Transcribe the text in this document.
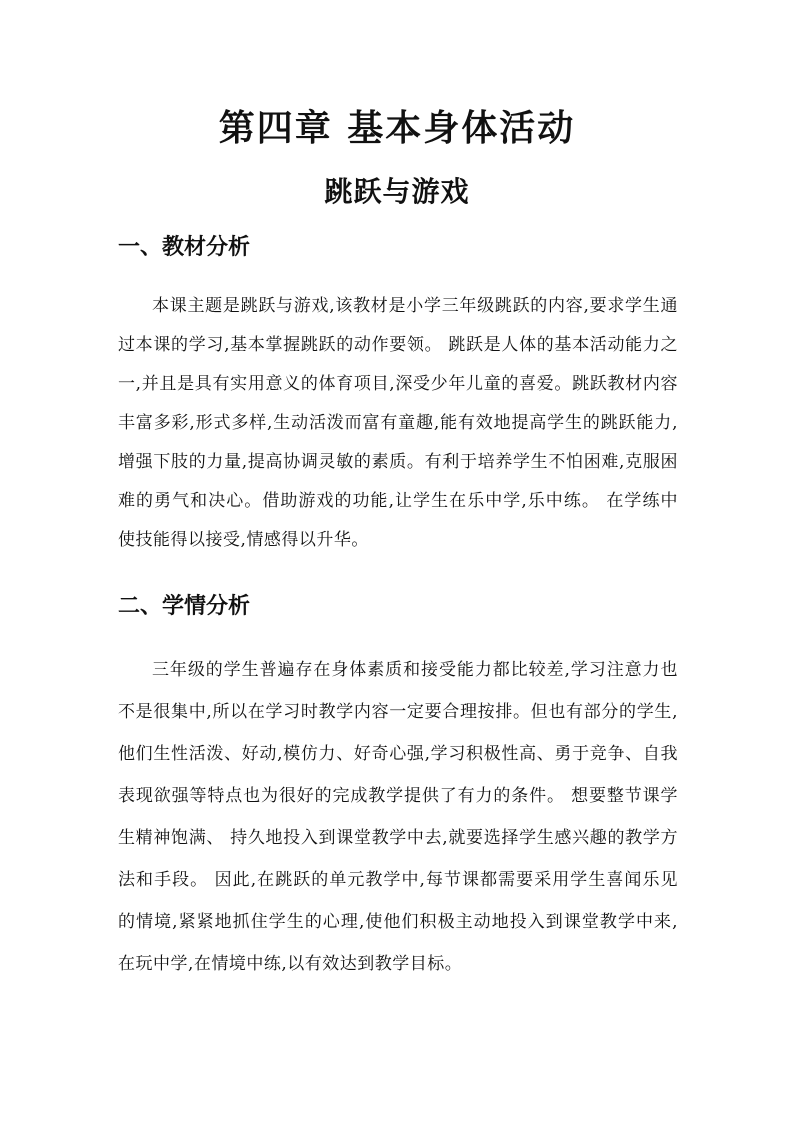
第四章 基本身体活动
跳跃与游戏
一、教材分析

本课主题是跳跃与游戏,该教材是小学三年级跳跃的内容,要求学生通过本课的学习,基本掌握跳跃的动作要领。 跳跃是人体的基本活动能力之一,并且是具有实用意义的体育项目,深受少年儿童的喜爱。跳跃教材内容丰富多彩,形式多样,生动活泼而富有童趣,能有效地提高学生的跳跃能力,增强下肢的力量,提高协调灵敏的素质。有利于培养学生不怕困难,克服困难的勇气和决心。借助游戏的功能,让学生在乐中学,乐中练。 在学练中使技能得以接受,情感得以升华。

二、学情分析

三年级的学生普遍存在身体素质和接受能力都比较差,学习注意力也不是很集中,所以在学习时教学内容一定要合理按排。但也有部分的学生,他们生性活泼、好动,模仿力、好奇心强,学习积极性高、勇于竞争、自我表现欲强等特点也为很好的完成教学提供了有力的条件。 想要整节课学生精神饱满、 持久地投入到课堂教学中去,就要选择学生感兴趣的教学方法和手段。 因此,在跳跃的单元教学中,每节课都需要采用学生喜闻乐见的情境,紧紧地抓住学生的心理,使他们积极主动地投入到课堂教学中来,在玩中学,在情境中练,以有效达到教学目标。
